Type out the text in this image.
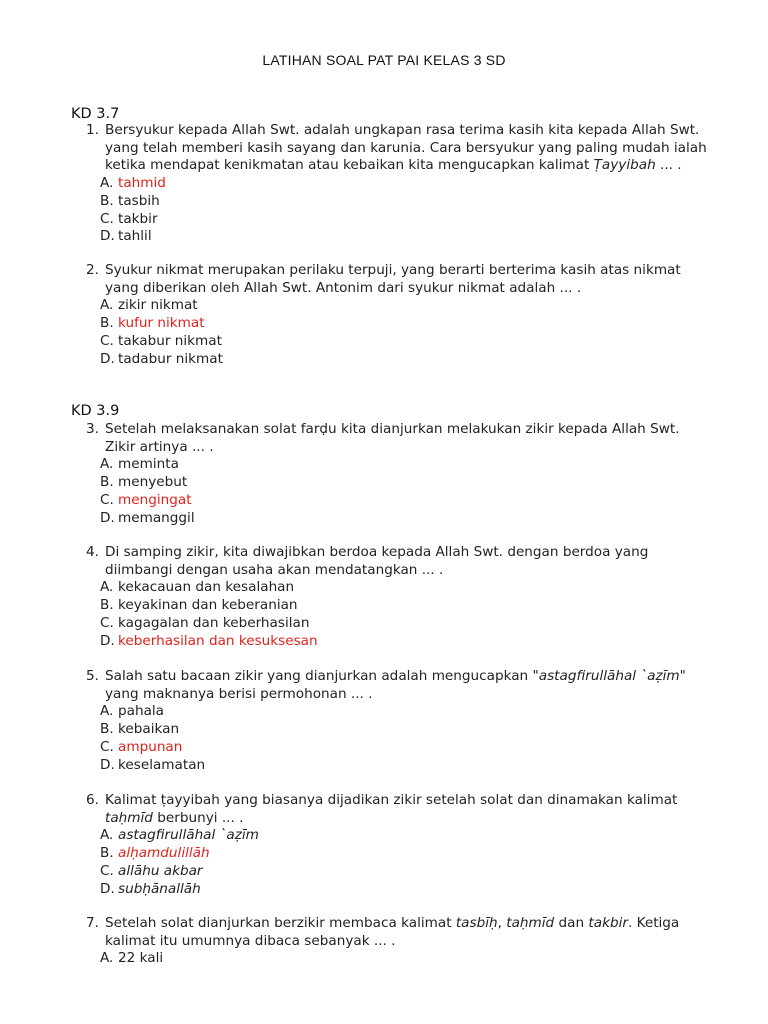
LATIHAN SOAL PAT PAI KELAS 3 SD
KD 3.7
1. Bersyukur kepada Allah Swt. adalah ungkapan rasa terima kasih kita kepada Allah Swt. yang telah memberi kasih sayang dan karunia. Cara bersyukur yang paling mudah ialah ketika mendapat kenikmatan atau kebaikan kita mengucapkan kalimat Ṭayyibah ... .
A. tahmid
B. tasbih
C. takbir
D. tahlil
2. Syukur nikmat merupakan perilaku terpuji, yang berarti berterima kasih atas nikmat yang diberikan oleh Allah Swt. Antonim dari syukur nikmat adalah ... .
A. zikir nikmat
B. kufur nikmat
C. takabur nikmat
D. tadabur nikmat
KD 3.9
3. Setelah melaksanakan solat farḍu kita dianjurkan melakukan zikir kepada Allah Swt. Zikir artinya ... .
A. meminta
B. menyebut
C. mengingat
D. memanggil
4. Di samping zikir, kita diwajibkan berdoa kepada Allah Swt. dengan berdoa yang diimbangi dengan usaha akan mendatangkan ... .
A. kekacauan dan kesalahan
B. keyakinan dan keberanian
C. kagagalan dan keberhasilan
D. keberhasilan dan kesuksesan
5. Salah satu bacaan zikir yang dianjurkan adalah mengucapkan "astagfirullāhal `aẓīm" yang maknanya berisi permohonan ... .
A. pahala
B. kebaikan
C. ampunan
D. keselamatan
6. Kalimat ṭayyibah yang biasanya dijadikan zikir setelah solat dan dinamakan kalimat taḥmīd berbunyi ... .
A. astagfirullāhal `aẓīm
B. alḥamdulillāh
C. allāhu akbar
D. subḥānallāh
7. Setelah solat dianjurkan berzikir membaca kalimat tasbīḥ, taḥmīd dan takbir. Ketiga kalimat itu umumnya dibaca sebanyak ... .
A. 22 kali
